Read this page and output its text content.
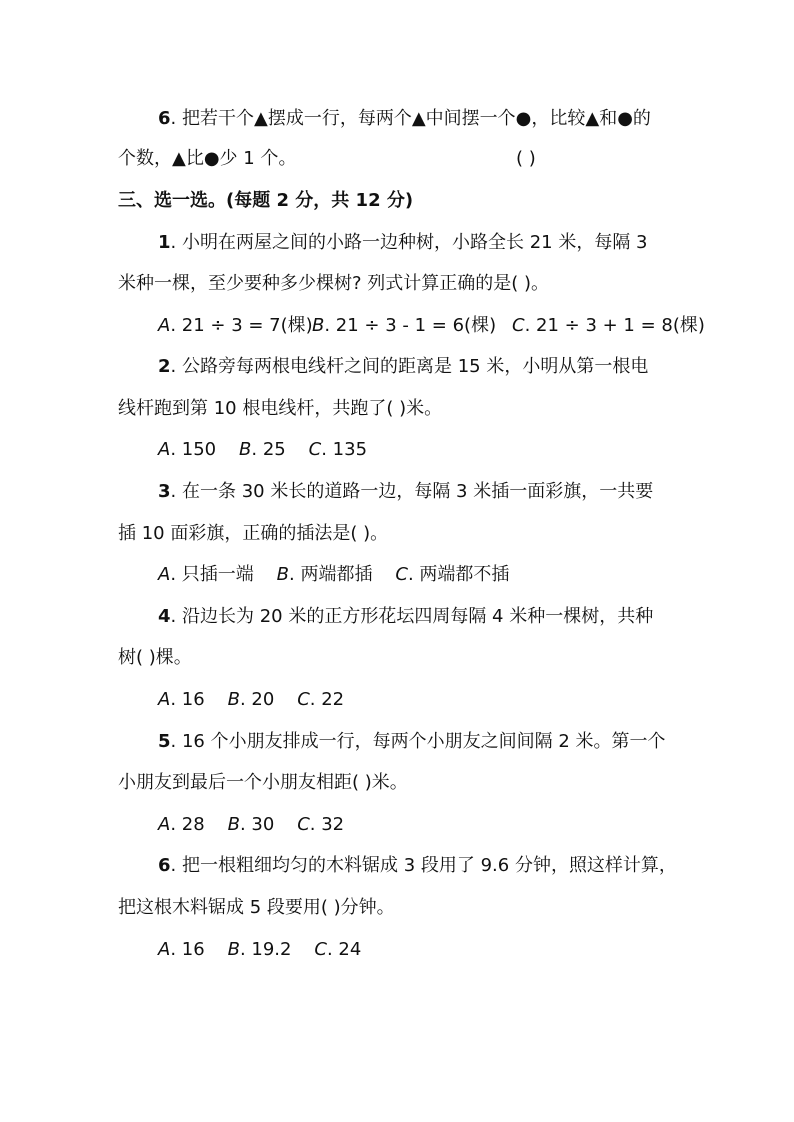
6. 把若干个▲摆成一行，每两个▲中间摆一个●，比较▲和●的
个数，▲比●少 1 个。	( )
三、选一选。(每题 2 分，共 12 分)
1. 小明在两屋之间的小路一边种树，小路全长 21 米，每隔 3
米种一棵，至少要种多少棵树? 列式计算正确的是( )。
A. 21 ÷ 3 = 7(棵) B. 21 ÷ 3 - 1 = 6(棵) C. 21 ÷ 3 + 1 = 8(棵)
2. 公路旁每两根电线杆之间的距离是 15 米，小明从第一根电
线杆跑到第 10 根电线杆，共跑了( )米。
A. 150 B. 25 C. 135
3. 在一条 30 米长的道路一边，每隔 3 米插一面彩旗，一共要
插 10 面彩旗，正确的插法是( )。
A. 只插一端 B. 两端都插 C. 两端都不插
4. 沿边长为 20 米的正方形花坛四周每隔 4 米种一棵树，共种
树( )棵。
A. 16 B. 20 C. 22
5. 16 个小朋友排成一行，每两个小朋友之间间隔 2 米。第一个
小朋友到最后一个小朋友相距( )米。
A. 28 B. 30 C. 32
6. 把一根粗细均匀的木料锯成 3 段用了 9.6 分钟，照这样计算，
把这根木料锯成 5 段要用( )分钟。
A. 16 B. 19.2 C. 24
